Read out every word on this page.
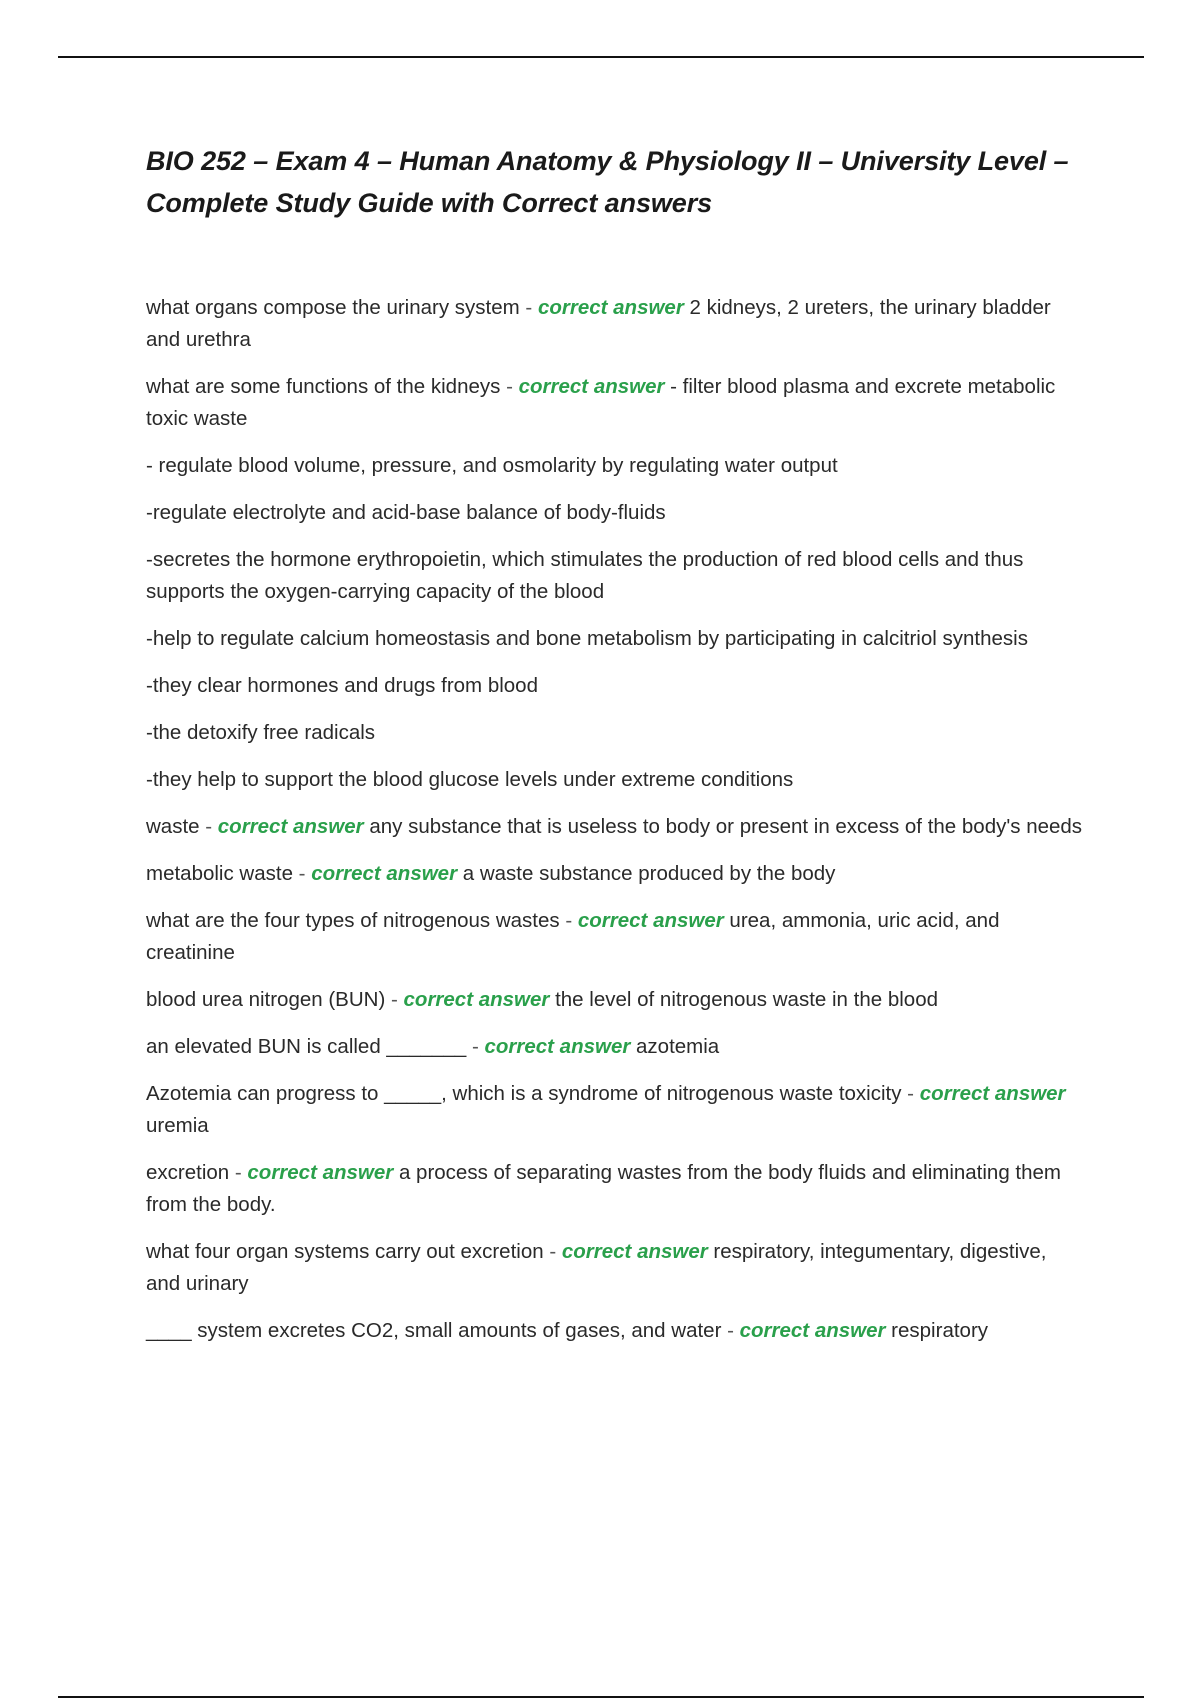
BIO 252 – Exam 4 – Human Anatomy & Physiology II – University Level – Complete Study Guide with Correct answers

what organs compose the urinary system - correct answer 2 kidneys, 2 ureters, the urinary bladder and urethra

what are some functions of the kidneys - correct answer - filter blood plasma and excrete metabolic toxic waste

- regulate blood volume, pressure, and osmolarity by regulating water output

-regulate electrolyte and acid-base balance of body-fluids

-secretes the hormone erythropoietin, which stimulates the production of red blood cells and thus supports the oxygen-carrying capacity of the blood

-help to regulate calcium homeostasis and bone metabolism by participating in calcitriol synthesis

-they clear hormones and drugs from blood

-the detoxify free radicals

-they help to support the blood glucose levels under extreme conditions

waste - correct answer any substance that is useless to body or present in excess of the body's needs

metabolic waste - correct answer a waste substance produced by the body

what are the four types of nitrogenous wastes - correct answer urea, ammonia, uric acid, and creatinine

blood urea nitrogen (BUN) - correct answer the level of nitrogenous waste in the blood

an elevated BUN is called _______ - correct answer azotemia

Azotemia can progress to _____, which is a syndrome of nitrogenous waste toxicity - correct answer uremia

excretion - correct answer a process of separating wastes from the body fluids and eliminating them from the body.

what four organ systems carry out excretion - correct answer respiratory, integumentary, digestive, and urinary

____ system excretes CO2, small amounts of gases, and water - correct answer respiratory
